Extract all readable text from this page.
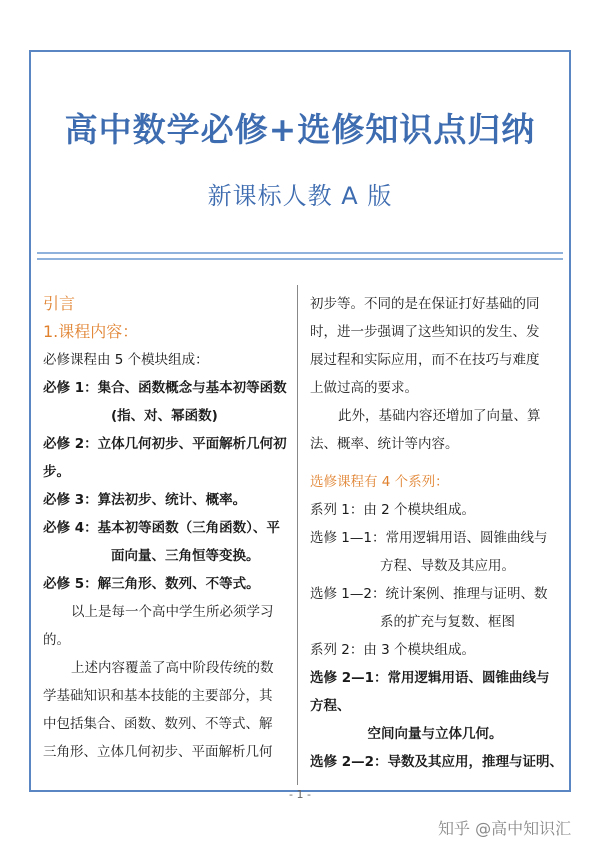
高中数学必修+选修知识点归纳
新课标人教 A 版

引言

1.课程内容：

必修课程由 5 个模块组成：

必修 1：集合、函数概念与基本初等函数

(指、对、幂函数)

必修 2：立体几何初步、平面解析几何初

步。

必修 3：算法初步、统计、概率。

必修 4：基本初等函数（三角函数）、平

面向量、三角恒等变换。

必修 5：解三角形、数列、不等式。

以上是每一个高中学生所必须学习

的。

上述内容覆盖了高中阶段传统的数

学基础知识和基本技能的主要部分，其

中包括集合、函数、数列、不等式、解

三角形、立体几何初步、平面解析几何

初步等。不同的是在保证打好基础的同

时，进一步强调了这些知识的发生、发

展过程和实际应用，而不在技巧与难度

上做过高的要求。

此外，基础内容还增加了向量、算

法、概率、统计等内容。

选修课程有 4 个系列：

系列 1：由 2 个模块组成。

选修 1—1：常用逻辑用语、圆锥曲线与

方程、导数及其应用。

选修 1—2：统计案例、推理与证明、数

系的扩充与复数、框图

系列 2：由 3 个模块组成。

选修 2—1：常用逻辑用语、圆锥曲线与

方程、

空间向量与立体几何。

选修 2—2：导数及其应用，推理与证明、

- 1 -
知乎 @高中知识汇
